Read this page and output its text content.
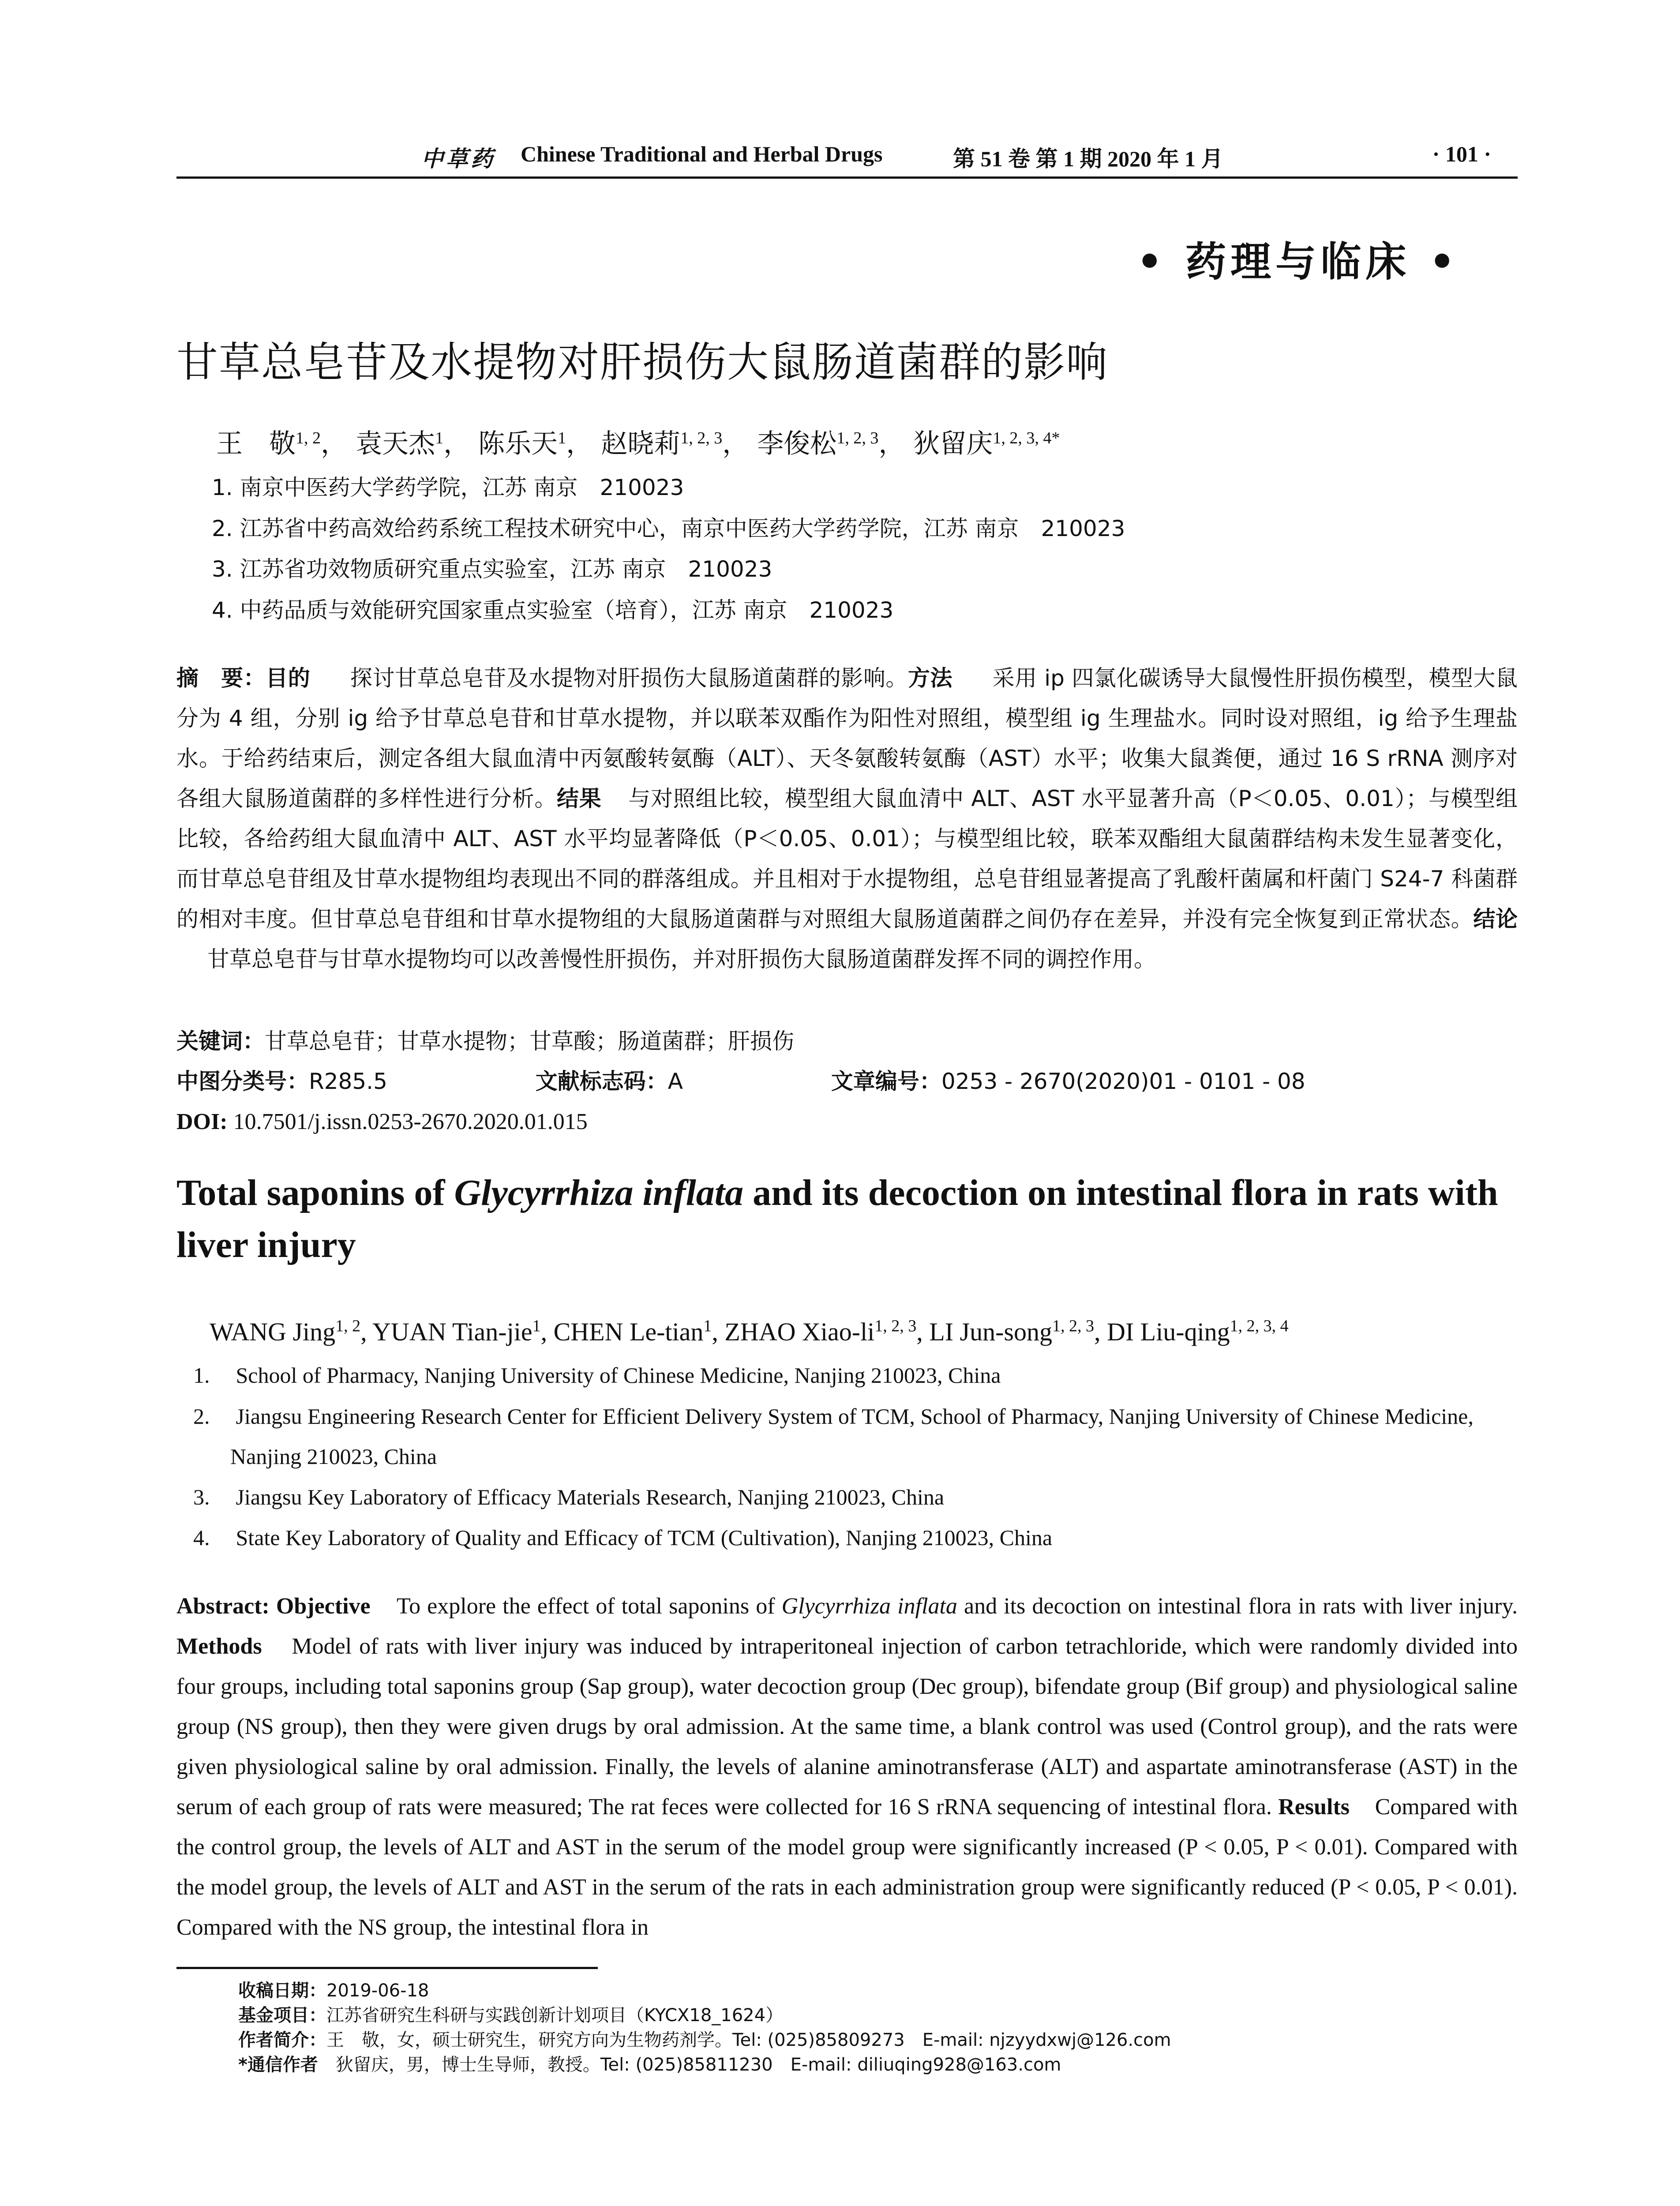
中草药 Chinese Traditional and Herbal Drugs	第 51 卷 第 1 期 2020 年 1 月	· 101 ·
• 药理与临床 •
甘草总皂苷及水提物对肝损伤大鼠肠道菌群的影响
王　敬$^{1, 2}$， 袁天杰$^1$， 陈乐天$^1$， 赵晓莉$^{1, 2, 3}$， 李俊松$^{1, 2, 3}$， 狄留庆$^{1, 2, 3, 4*}$
1. 南京中医药大学药学院，江苏 南京　210023
2. 江苏省中药高效给药系统工程技术研究中心，南京中医药大学药学院，江苏 南京　210023
3. 江苏省功效物质研究重点实验室，江苏 南京　210023
4. 中药品质与效能研究国家重点实验室（培育），江苏 南京　210023
摘　要：目的 探讨甘草总皂苷及水提物对肝损伤大鼠肠道菌群的影响。方法 采用 ip 四氯化碳诱导大鼠慢性肝损伤模型，模型大鼠分为 4 组，分别 ig 给予甘草总皂苷和甘草水提物，并以联苯双酯作为阳性对照组，模型组 ig 生理盐水。同时设对照组，ig 给予生理盐水。于给药结束后，测定各组大鼠血清中丙氨酸转氨酶（ALT）、天冬氨酸转氨酶（AST）水平；收集大鼠粪便，通过 16 S rRNA 测序对各组大鼠肠道菌群的多样性进行分析。结果 与对照组比较，模型组大鼠血清中 ALT、AST 水平显著升高（P＜0.05、0.01）；与模型组比较，各给药组大鼠血清中 ALT、AST 水平均显著降低（P＜0.05、0.01）；与模型组比较，联苯双酯组大鼠菌群结构未发生显著变化，而甘草总皂苷组及甘草水提物组均表现出不同的群落组成。并且相对于水提物组，总皂苷组显著提高了乳酸杆菌属和杆菌门 S24-7 科菌群的相对丰度。但甘草总皂苷组和甘草水提物组的大鼠肠道菌群与对照组大鼠肠道菌群之间仍存在差异，并没有完全恢复到正常状态。结论甘草总皂苷与甘草水提物均可以改善慢性肝损伤，并对肝损伤大鼠肠道菌群发挥不同的调控作用。
关键词：甘草总皂苷；甘草水提物；甘草酸；肠道菌群；肝损伤
中图分类号：R285.5	文献标志码：A	文章编号：0253 - 2670(2020)01 - 0101 - 08
DOI: 10.7501/j.issn.0253-2670.2020.01.015
Total saponins of Glycyrrhiza inflata and its decoction on intestinal flora in rats with liver injury
WANG Jing$^{1, 2}$, YUAN Tian-jie$^1$, CHEN Le-tian$^1$, ZHAO Xiao-li$^{1, 2, 3}$, LI Jun-song$^{1, 2, 3}$, DI Liu-qing$^{1, 2, 3, 4}$
1. School of Pharmacy, Nanjing University of Chinese Medicine, Nanjing 210023, China
2. Jiangsu Engineering Research Center for Efficient Delivery System of TCM, School of Pharmacy, Nanjing University of Chinese Medicine, Nanjing 210023, China
3. Jiangsu Key Laboratory of Efficacy Materials Research, Nanjing 210023, China
4. State Key Laboratory of Quality and Efficacy of TCM (Cultivation), Nanjing 210023, China
Abstract: Objective To explore the effect of total saponins of Glycyrrhiza inflata and its decoction on intestinal flora in rats with liver injury. Methods Model of rats with liver injury was induced by intraperitoneal injection of carbon tetrachloride, which were randomly divided into four groups, including total saponins group (Sap group), water decoction group (Dec group), bifendate group (Bif group) and physiological saline group (NS group), then they were given drugs by oral admission. At the same time, a blank control was used (Control group), and the rats were given physiological saline by oral admission. Finally, the levels of alanine aminotransferase (ALT) and aspartate aminotransferase (AST) in the serum of each group of rats were measured; The rat feces were collected for 16 S rRNA sequencing of intestinal flora. Results Compared with the control group, the levels of ALT and AST in the serum of the model group were significantly increased (P < 0.05, P < 0.01). Compared with the model group, the levels of ALT and AST in the serum of the rats in each administration group were significantly reduced (P < 0.05, P < 0.01). Compared with the NS group, the intestinal flora in
收稿日期：2019-06-18
基金项目：江苏省研究生科研与实践创新计划项目（KYCX18_1624）
作者简介：王　敬，女，硕士研究生，研究方向为生物药剂学。Tel: (025)85809273　E-mail: njzyydxwj@126.com
*通信作者　狄留庆，男，博士生导师，教授。Tel: (025)85811230　E-mail: diliuqing928@163.com
